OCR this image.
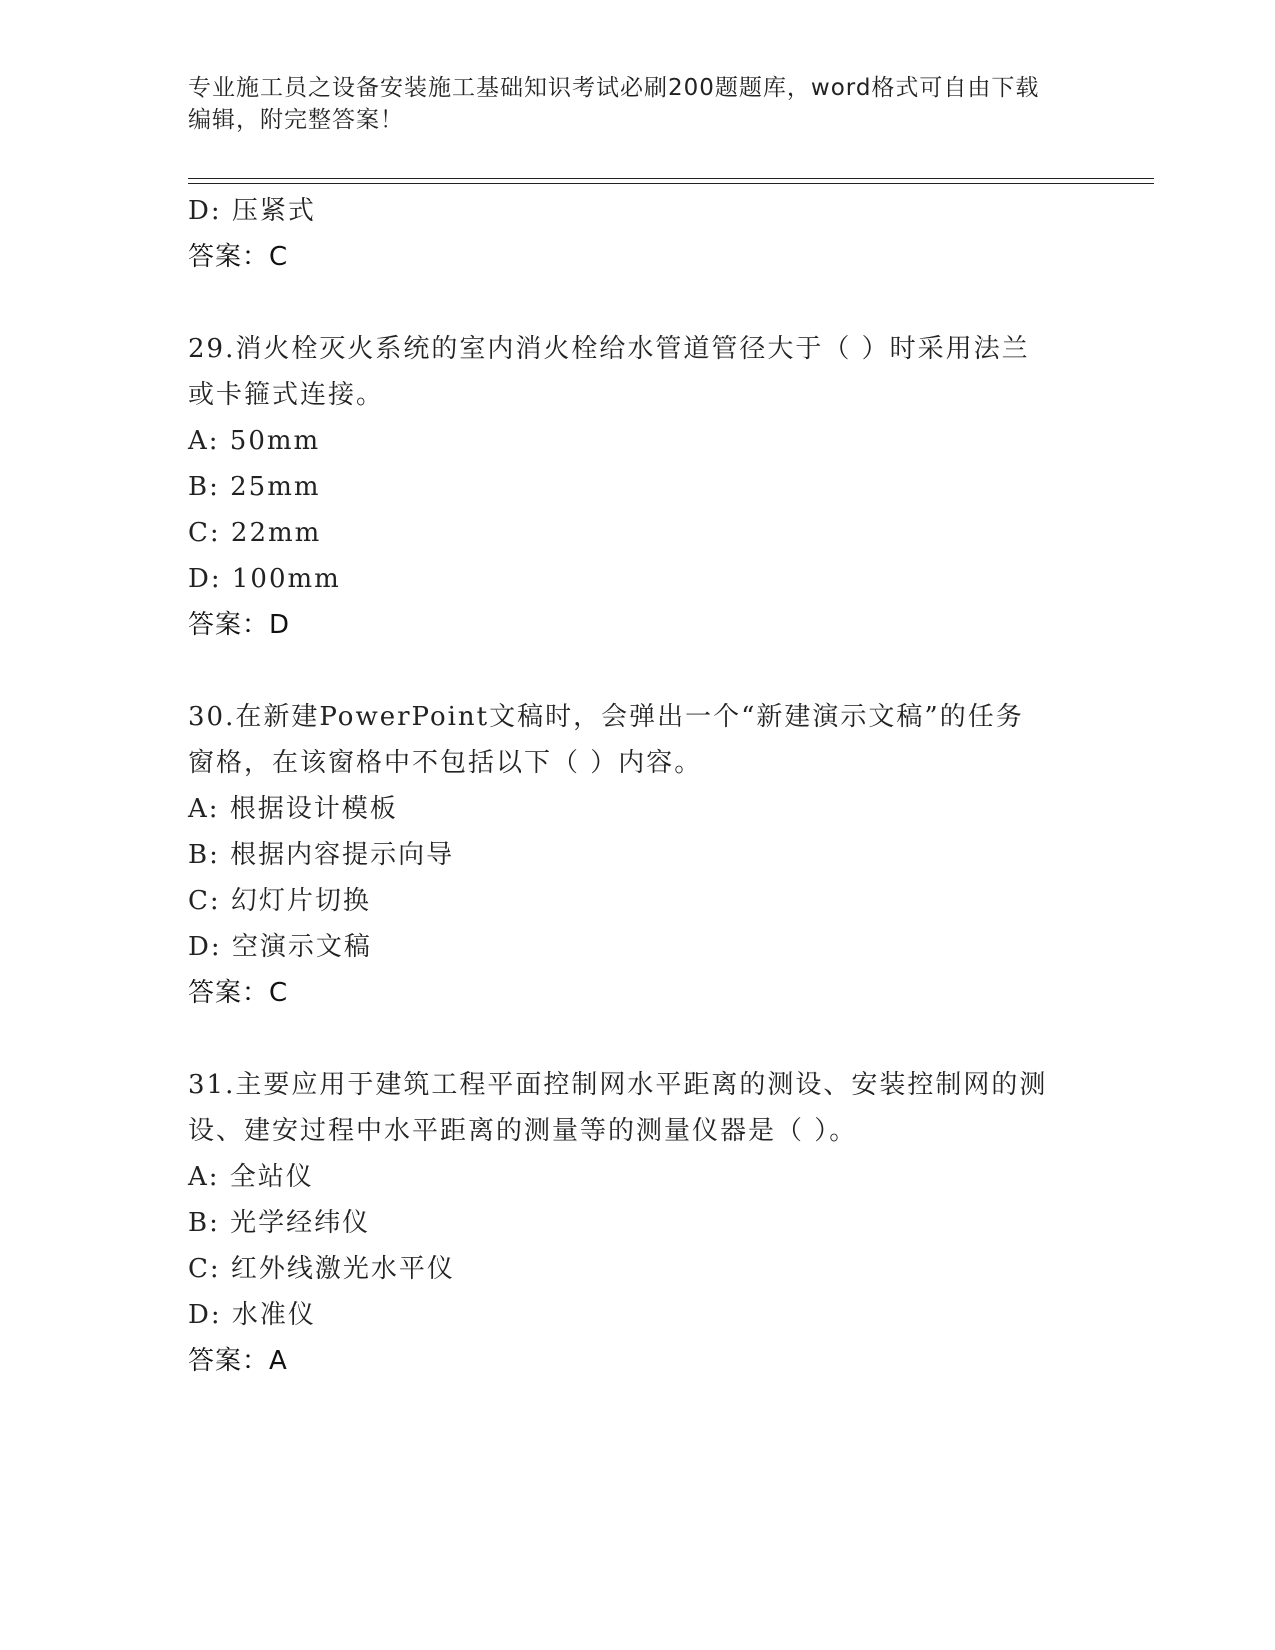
专业施工员之设备安装施工基础知识考试必刷200题题库，word格式可自由下载
编辑，附完整答案！
D: 压紧式
答案：C
29.消火栓灭火系统的室内消火栓给水管道管径大于（ ）时采用法兰
或卡箍式连接。
A: 50mm
B: 25mm
C: 22mm
D: 100mm
答案：D
30.在新建PowerPoint文稿时，会弹出一个“新建演示文稿”的任务
窗格，在该窗格中不包括以下（ ）内容。
A: 根据设计模板
B: 根据内容提示向导
C: 幻灯片切换
D: 空演示文稿
答案：C
31.主要应用于建筑工程平面控制网水平距离的测设、安装控制网的测
设、建安过程中水平距离的测量等的测量仪器是（ ）。
A: 全站仪
B: 光学经纬仪
C: 红外线激光水平仪
D: 水准仪
答案：A
